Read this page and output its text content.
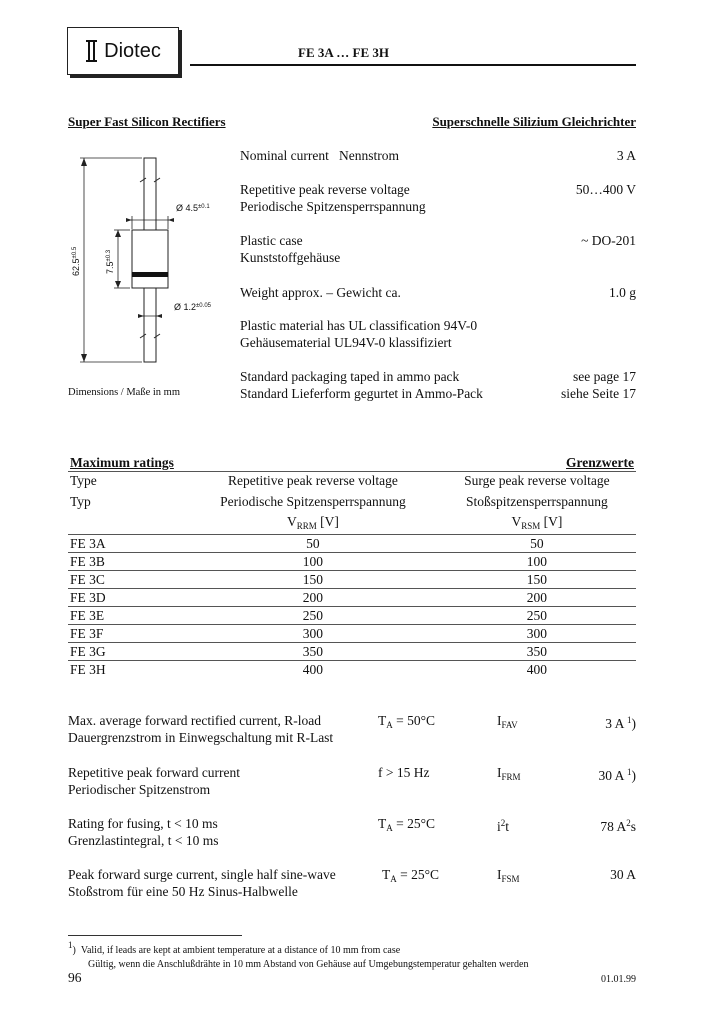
Diotec	FE 3A … FE 3H
Super Fast Silicon Rectifiers	Superschnelle Silizium Gleichrichter
Ø $4.5^{\pm 0.1}$
Ø $1.2^{\pm 0.05}$
$62.5^{\pm 0.5}$
$7.5^{\pm 0.3}$
Dimensions / Maße in mm
Nominal current Nennstrom	3 A
Repetitive peak reverse voltage
Periodische Spitzensperrspannung
50…400 V
Plastic case
Kunststoffgehäuse
~ DO-201
Weight approx. – Gewicht ca.	1.0 g
Plastic material has UL classification 94V-0
Gehäusematerial UL94V-0 klassifiziert
Standard packaging taped in ammo pack
Standard Lieferform gegurtet in Ammo-Pack
see page 17
siehe Seite 17
Maximum ratings		Grenzwerte
Type	Repetitive peak reverse voltage	Surge peak reverse voltage
Typ	Periodische Spitzensperrspannung	Stoßspitzensperrspannung
	$V_{RRM}$ [V]	$V_{RSM}$ [V]
FE 3A	50	50
FE 3B	100	100
FE 3C	150	150
FE 3D	200	200
FE 3E	250	250
FE 3F	300	300
FE 3G	350	350
FE 3H	400	400
Max. average forward rectified current, R-load
Dauergrenzstrom in Einwegschaltung mit R-Last
$T_A = 50^\circ C$	$I_{FAV}$	3 A $^1$)
Repetitive peak forward current
Periodischer Spitzenstrom
f > 15 Hz	$I_{FRM}$	30 A $^1$)
Rating for fusing, t < 10 ms
Grenzlastintegral, t < 10 ms
$T_A = 25^\circ C$	$i^2t$	78 $A^2s$
Peak forward surge current, single half sine-wave
Stoßstrom für eine 50 Hz Sinus-Halbwelle
$T_A = 25^\circ C$	$I_{FSM}$	30 A
1) Valid, if leads are kept at ambient temperature at a distance of 10 mm from case
Gültig, wenn die Anschlußdrähte in 10 mm Abstand von Gehäuse auf Umgebungstemperatur gehalten werden
96	01.01.99
